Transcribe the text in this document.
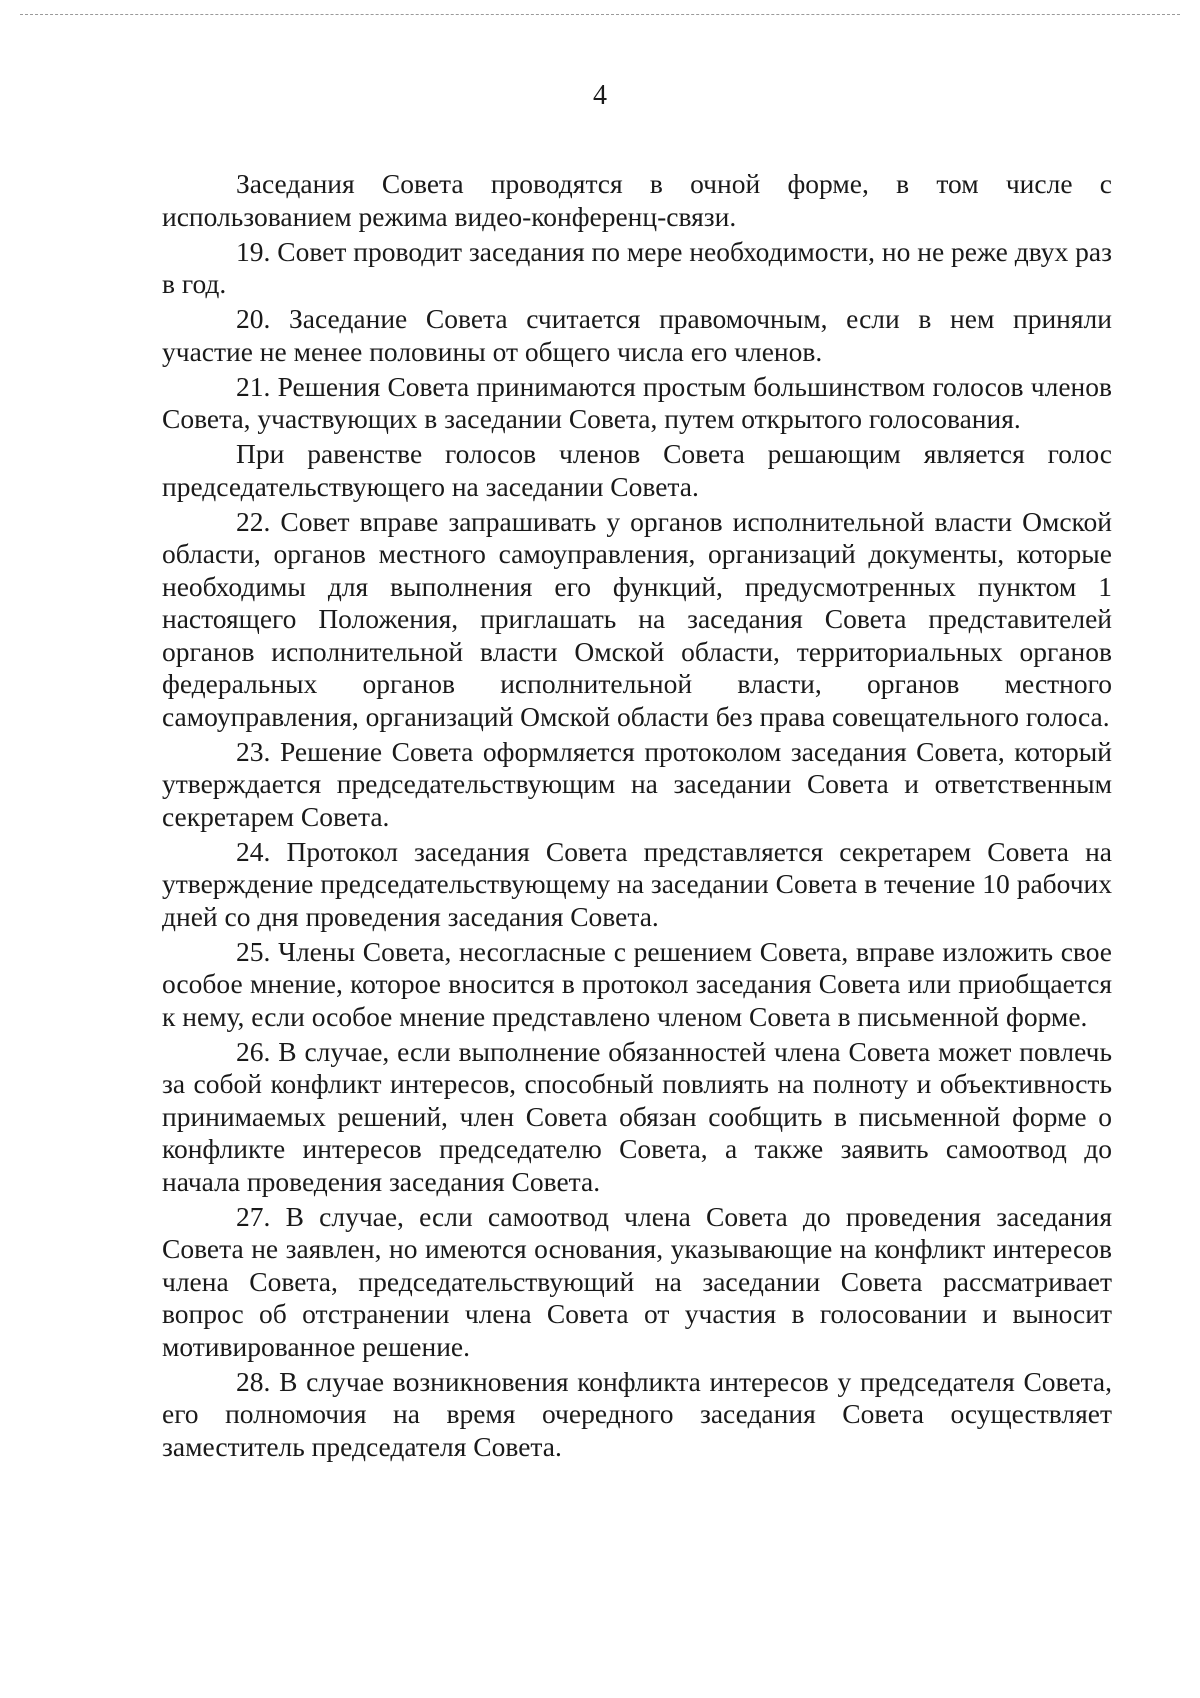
4

Заседания Совета проводятся в очной форме, в том числе с использованием режима видео-конференц-связи.

19. Совет проводит заседания по мере необходимости, но не реже двух раз в год.

20. Заседание Совета считается правомочным, если в нем приняли участие не менее половины от общего числа его членов.

21. Решения Совета принимаются простым большинством голосов членов Совета, участвующих в заседании Совета, путем открытого голосования.

При равенстве голосов членов Совета решающим является голос председательствующего на заседании Совета.

22. Совет вправе запрашивать у органов исполнительной власти Омской области, органов местного самоуправления, организаций документы, которые необходимы для выполнения его функций, предусмотренных пунктом 1 настоящего Положения, приглашать на заседания Совета представителей органов исполнительной власти Омской области, территориальных органов федеральных органов исполнительной власти, органов местного самоуправления, организаций Омской области без права совещательного голоса.

23. Решение Совета оформляется протоколом заседания Совета, который утверждается председательствующим на заседании Совета и ответственным секретарем Совета.

24. Протокол заседания Совета представляется секретарем Совета на утверждение председательствующему на заседании Совета в течение 10 рабочих дней со дня проведения заседания Совета.

25. Члены Совета, несогласные с решением Совета, вправе изложить свое особое мнение, которое вносится в протокол заседания Совета или приобщается к нему, если особое мнение представлено членом Совета в письменной форме.

26. В случае, если выполнение обязанностей члена Совета может повлечь за собой конфликт интересов, способный повлиять на полноту и объективность принимаемых решений, член Совета обязан сообщить в письменной форме о конфликте интересов председателю Совета, а также заявить самоотвод до начала проведения заседания Совета.

27. В случае, если самоотвод члена Совета до проведения заседания Совета не заявлен, но имеются основания, указывающие на конфликт интересов члена Совета, председательствующий на заседании Совета рассматривает вопрос об отстранении члена Совета от участия в голосовании и выносит мотивированное решение.

28. В случае возникновения конфликта интересов у председателя Совета, его полномочия на время очередного заседания Совета осуществляет заместитель председателя Совета.
